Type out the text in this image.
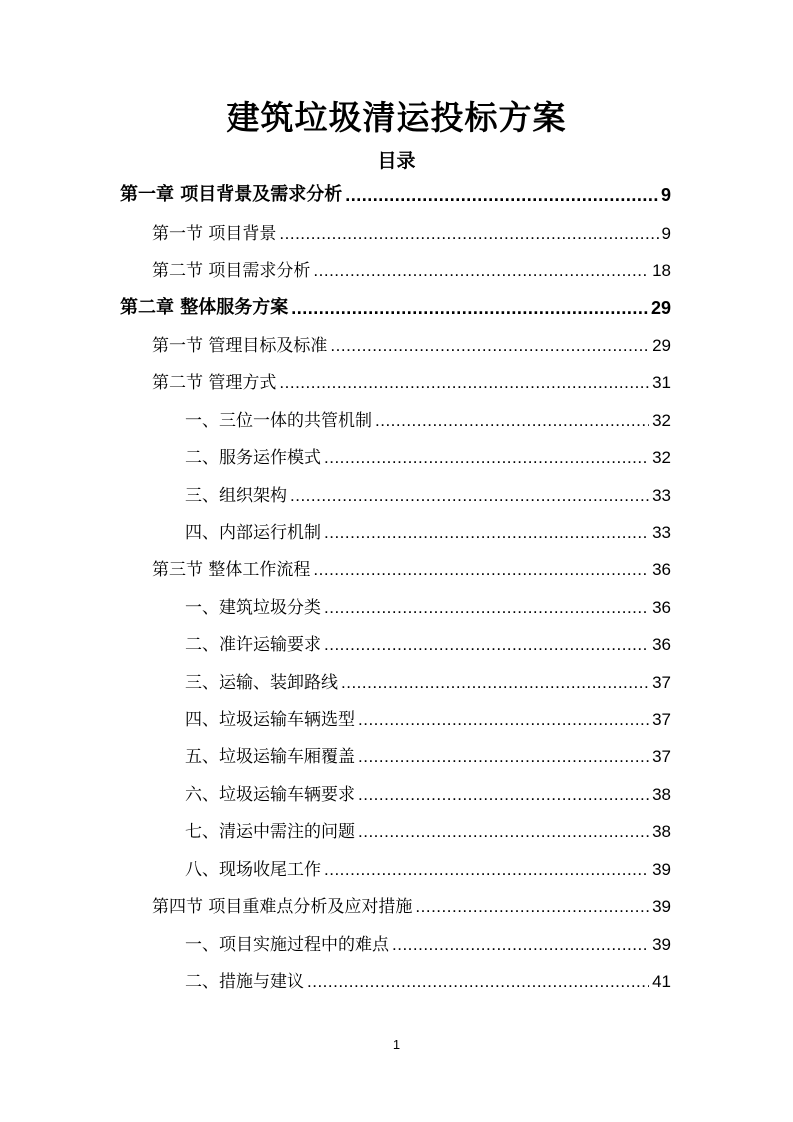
建筑垃圾清运投标方案
目录
第一章 项目背景及需求分析 .....	9
第一节 项目背景 .....	9
第二节 项目需求分析 .....	18
第二章 整体服务方案 .....	29
第一节 管理目标及标准 .....	29
第二节 管理方式 .....	31
一、三位一体的共管机制 .....	32
二、服务运作模式 .....	32
三、组织架构 .....	33
四、内部运行机制 .....	33
第三节 整体工作流程 .....	36
一、建筑垃圾分类 .....	36
二、准许运输要求 .....	36
三、运输、装卸路线 .....	37
四、垃圾运输车辆选型 .....	37
五、垃圾运输车厢覆盖 .....	37
六、垃圾运输车辆要求 .....	38
七、清运中需注的问题 .....	38
八、现场收尾工作 .....	39
第四节 项目重难点分析及应对措施 .....	39
一、项目实施过程中的难点 .....	39
二、措施与建议 .....	41
1
